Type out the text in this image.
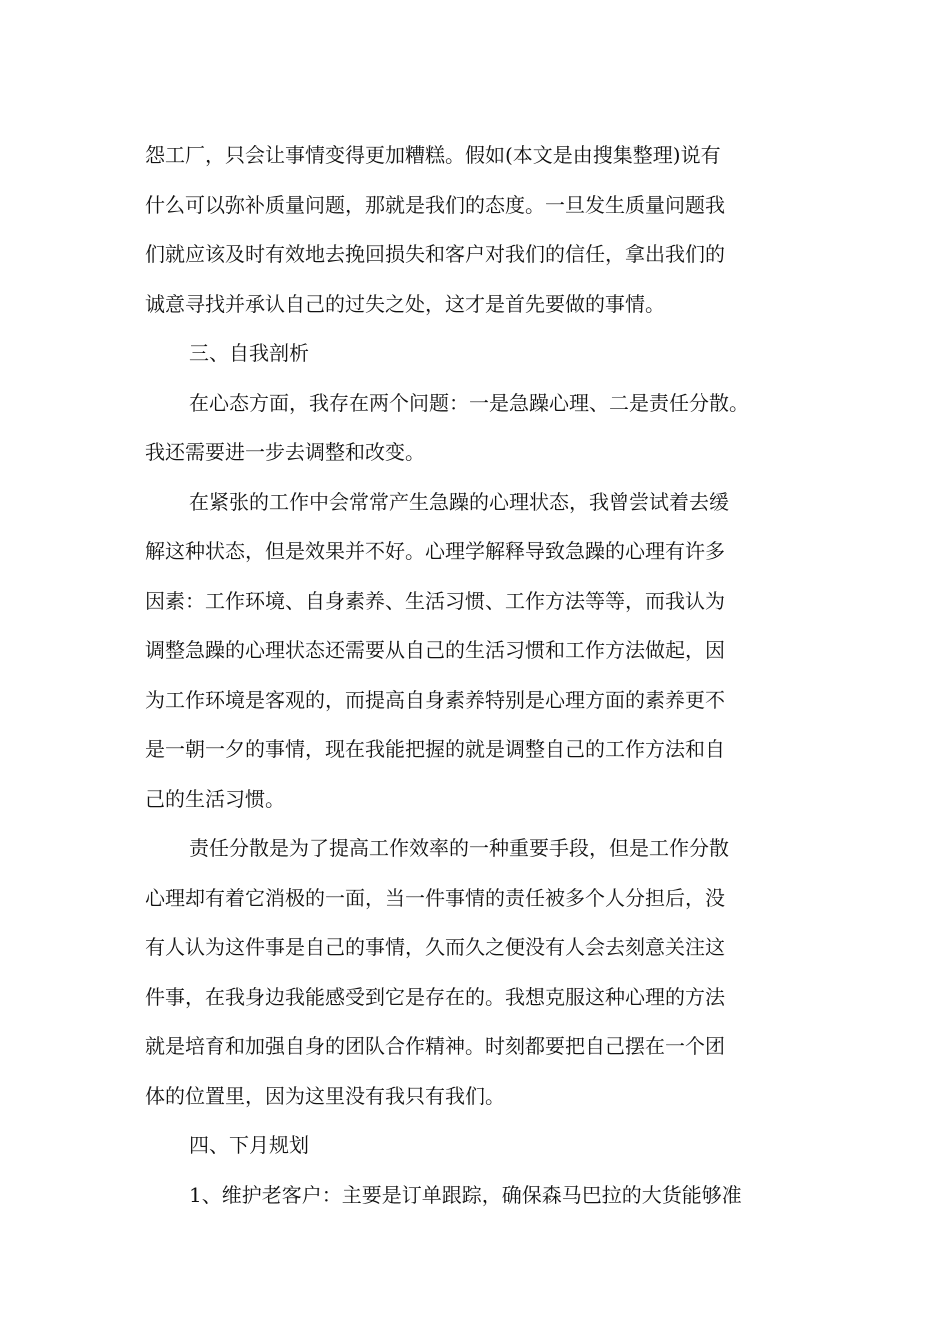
怨工厂，只会让事情变得更加糟糕。假如(本文是由搜集整理)说有
什么可以弥补质量问题，那就是我们的态度。一旦发生质量问题我
们就应该及时有效地去挽回损失和客户对我们的信任，拿出我们的
诚意寻找并承认自己的过失之处，这才是首先要做的事情。
三、自我剖析
在心态方面，我存在两个问题：一是急躁心理、二是责任分散。
我还需要进一步去调整和改变。
在紧张的工作中会常常产生急躁的心理状态，我曾尝试着去缓
解这种状态，但是效果并不好。心理学解释导致急躁的心理有许多
因素：工作环境、自身素养、生活习惯、工作方法等等，而我认为
调整急躁的心理状态还需要从自己的生活习惯和工作方法做起，因
为工作环境是客观的，而提高自身素养特别是心理方面的素养更不
是一朝一夕的事情，现在我能把握的就是调整自己的工作方法和自
己的生活习惯。
责任分散是为了提高工作效率的一种重要手段，但是工作分散
心理却有着它消极的一面，当一件事情的责任被多个人分担后，没
有人认为这件事是自己的事情，久而久之便没有人会去刻意关注这
件事，在我身边我能感受到它是存在的。我想克服这种心理的方法
就是培育和加强自身的团队合作精神。时刻都要把自己摆在一个团
体的位置里，因为这里没有我只有我们。
四、下月规划
1、维护老客户：主要是订单跟踪，确保森马巴拉的大货能够准
